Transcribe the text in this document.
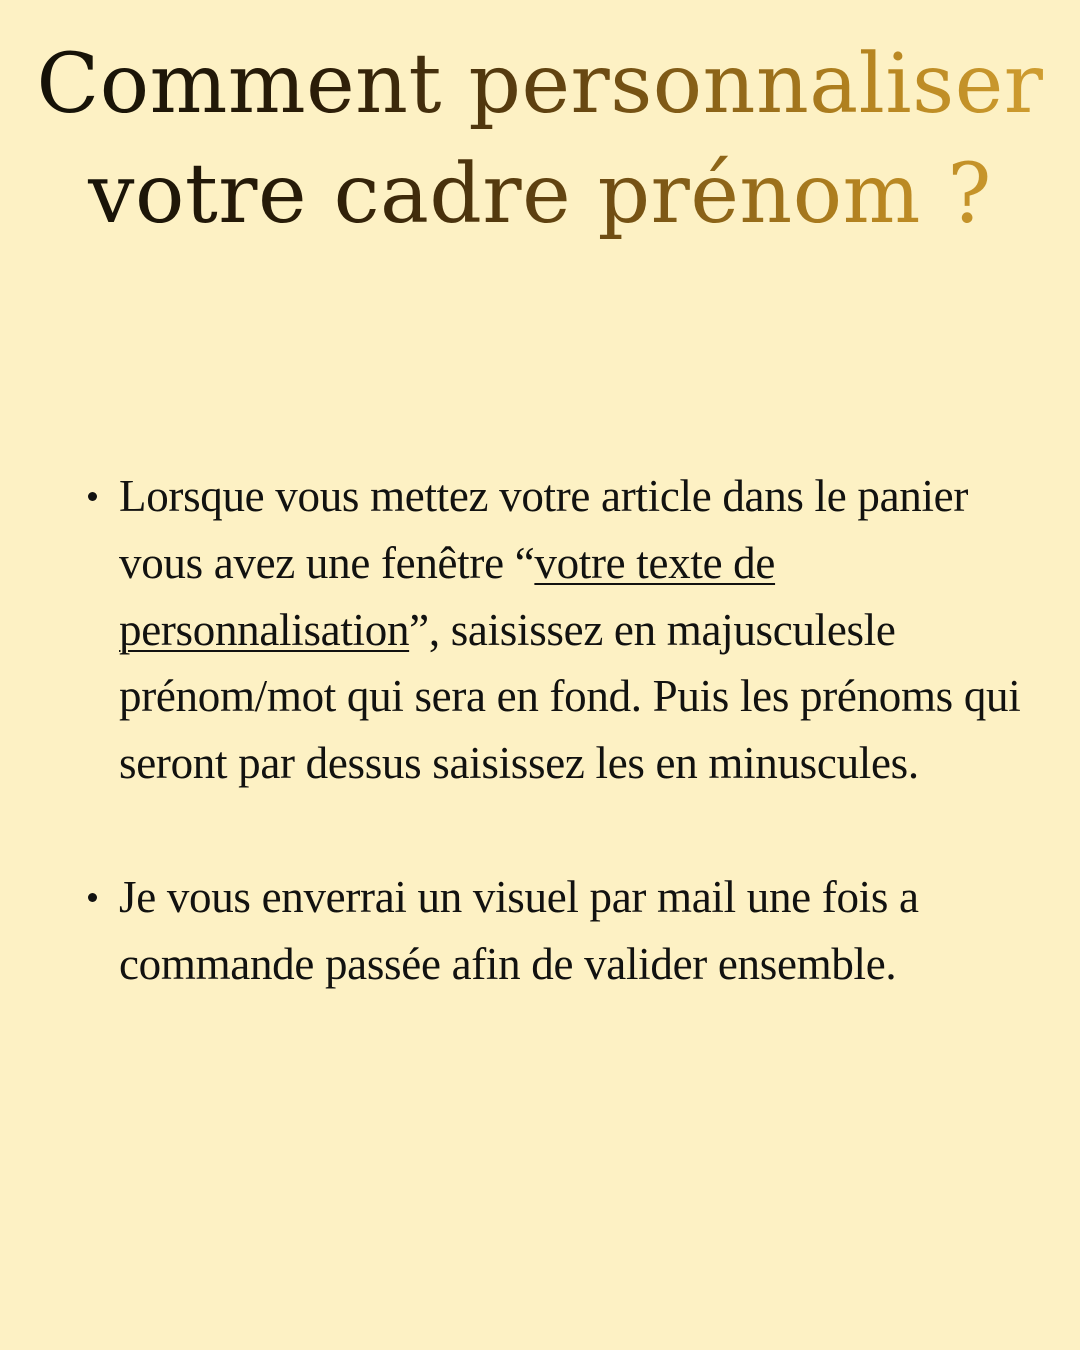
Comment personnaliser
votre cadre prénom ?
Lorsque vous mettez votre article dans le panier vous avez une fenêtre “votre texte de personnalisation”, saisissez en majusculesle prénom/mot qui sera en fond. Puis les prénoms qui seront par dessus saisissez les en minuscules.
Je vous enverrai un visuel par mail une fois a commande passée afin de valider ensemble.
